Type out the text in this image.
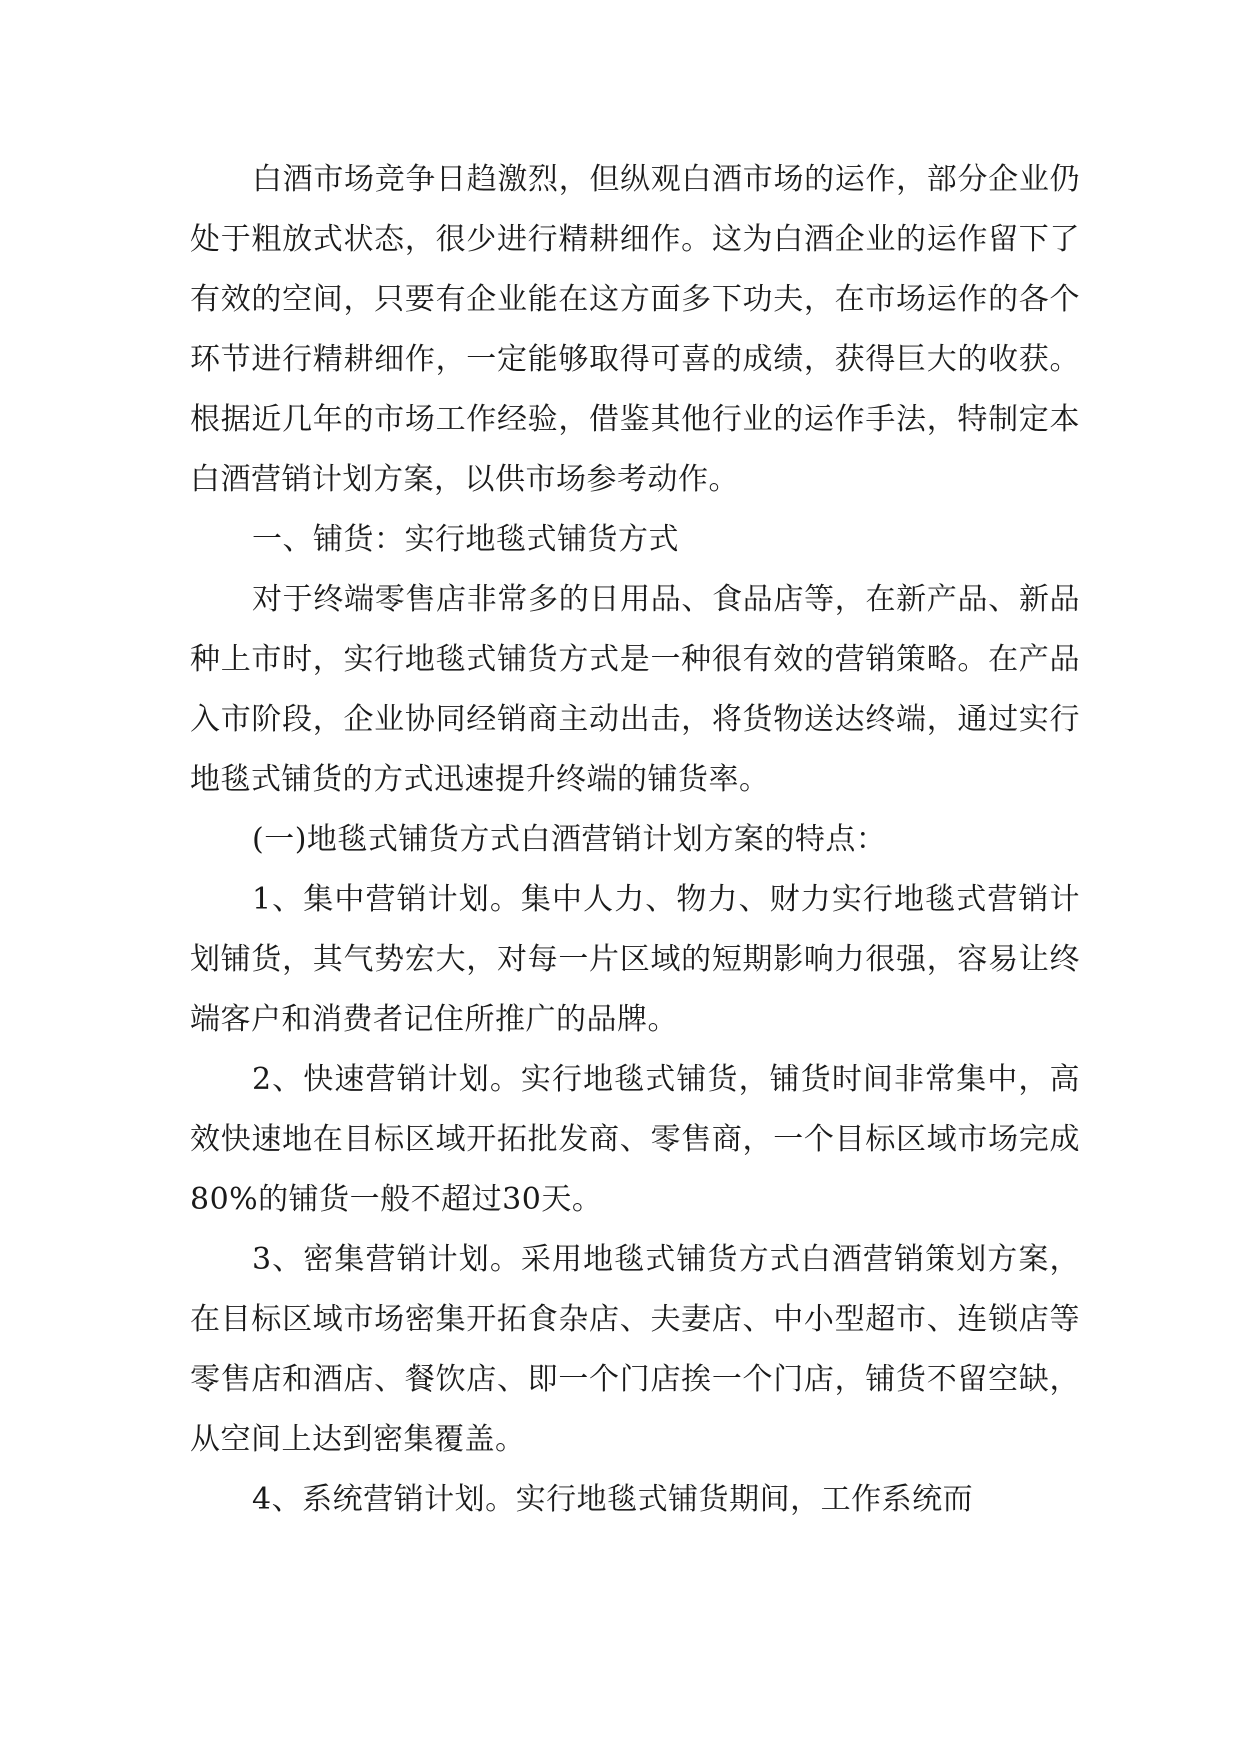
白酒市场竞争日趋激烈，但纵观白酒市场的运作，部分企业仍处于粗放式状态，很少进行精耕细作。这为白酒企业的运作留下了有效的空间，只要有企业能在这方面多下功夫，在市场运作的各个环节进行精耕细作，一定能够取得可喜的成绩，获得巨大的收获。根据近几年的市场工作经验，借鉴其他行业的运作手法，特制定本白酒营销计划方案，以供市场参考动作。

一、铺货：实行地毯式铺货方式

对于终端零售店非常多的日用品、食品店等，在新产品、新品种上市时，实行地毯式铺货方式是一种很有效的营销策略。在产品入市阶段，企业协同经销商主动出击，将货物送达终端，通过实行地毯式铺货的方式迅速提升终端的铺货率。

(一)地毯式铺货方式白酒营销计划方案的特点：

1、集中营销计划。集中人力、物力、财力实行地毯式营销计划铺货，其气势宏大，对每一片区域的短期影响力很强，容易让终端客户和消费者记住所推广的品牌。

2、快速营销计划。实行地毯式铺货，铺货时间非常集中，高效快速地在目标区域开拓批发商、零售商，一个目标区域市场完成80%的铺货一般不超过30天。

3、密集营销计划。采用地毯式铺货方式白酒营销策划方案，在目标区域市场密集开拓食杂店、夫妻店、中小型超市、连锁店等零售店和酒店、餐饮店、即一个门店挨一个门店，铺货不留空缺，从空间上达到密集覆盖。

4、系统营销计划。实行地毯式铺货期间，工作系统而
